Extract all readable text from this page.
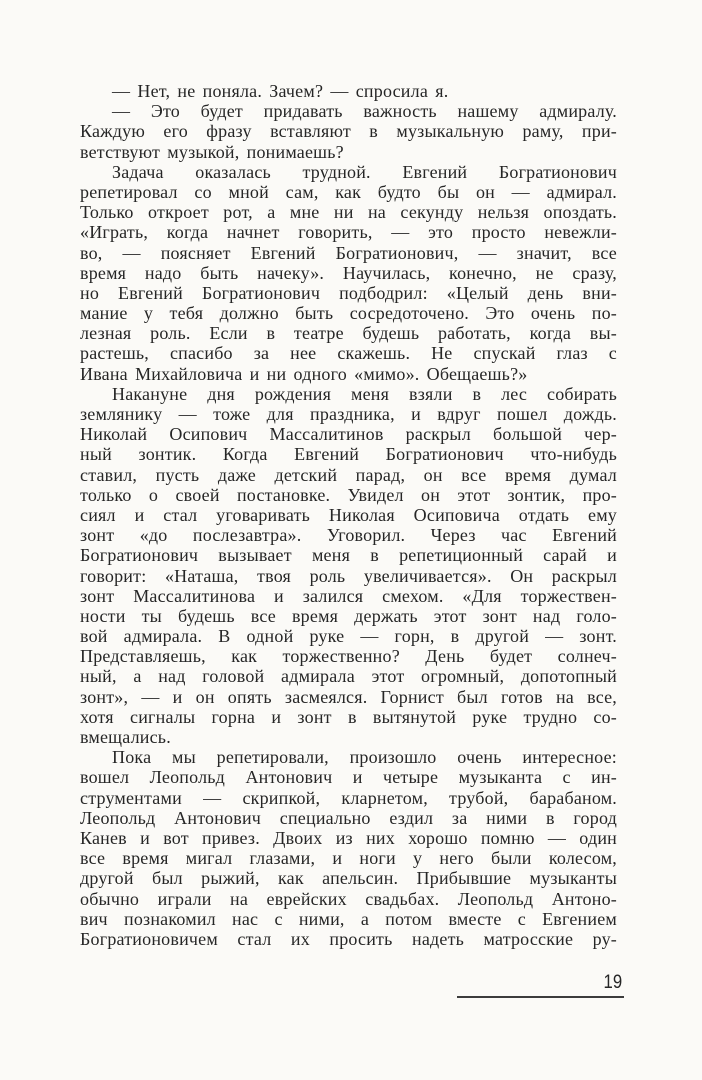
— Нет, не поняла. Зачем? — спросила я.
— Это будет придавать важность нашему адмиралу.
Каждую его фразу вставляют в музыкальную раму, при-
ветствуют музыкой, понимаешь?
Задача оказалась трудной. Евгений Богратионович
репетировал со мной сам, как будто бы он — адмирал.
Только откроет рот, а мне ни на секунду нельзя опоздать.
«Играть, когда начнет говорить, — это просто невежли-
во, — поясняет Евгений Богратионович, — значит, все
время надо быть начеку». Научилась, конечно, не сразу,
но Евгений Богратионович подбодрил: «Целый день вни-
мание у тебя должно быть сосредоточено. Это очень по-
лезная роль. Если в театре будешь работать, когда вы-
растешь, спасибо за нее скажешь. Не спускай глаз с
Ивана Михайловича и ни одного «мимо». Обещаешь?»
Накануне дня рождения меня взяли в лес собирать
землянику — тоже для праздника, и вдруг пошел дождь.
Николай Осипович Массалитинов раскрыл большой чер-
ный зонтик. Когда Евгений Богратионович что-нибудь
ставил, пусть даже детский парад, он все время думал
только о своей постановке. Увидел он этот зонтик, про-
сиял и стал уговаривать Николая Осиповича отдать ему
зонт «до послезавтра». Уговорил. Через час Евгений
Богратионович вызывает меня в репетиционный сарай и
говорит: «Наташа, твоя роль увеличивается». Он раскрыл
зонт Массалитинова и залился смехом. «Для торжествен-
ности ты будешь все время держать этот зонт над голо-
вой адмирала. В одной руке — горн, в другой — зонт.
Представляешь, как торжественно? День будет солнеч-
ный, а над головой адмирала этот огромный, допотопный
зонт», — и он опять засмеялся. Горнист был готов на все,
хотя сигналы горна и зонт в вытянутой руке трудно со-
вмещались.
Пока мы репетировали, произошло очень интересное:
вошел Леопольд Антонович и четыре музыканта с ин-
струментами — скрипкой, кларнетом, трубой, барабаном.
Леопольд Антонович специально ездил за ними в город
Канев и вот привез. Двоих из них хорошо помню — один
все время мигал глазами, и ноги у него были колесом,
другой был рыжий, как апельсин. Прибывшие музыканты
обычно играли на еврейских свадьбах. Леопольд Антоно-
вич познакомил нас с ними, а потом вместе с Евгением
Богратионовичем стал их просить надеть матросские ру-
19
